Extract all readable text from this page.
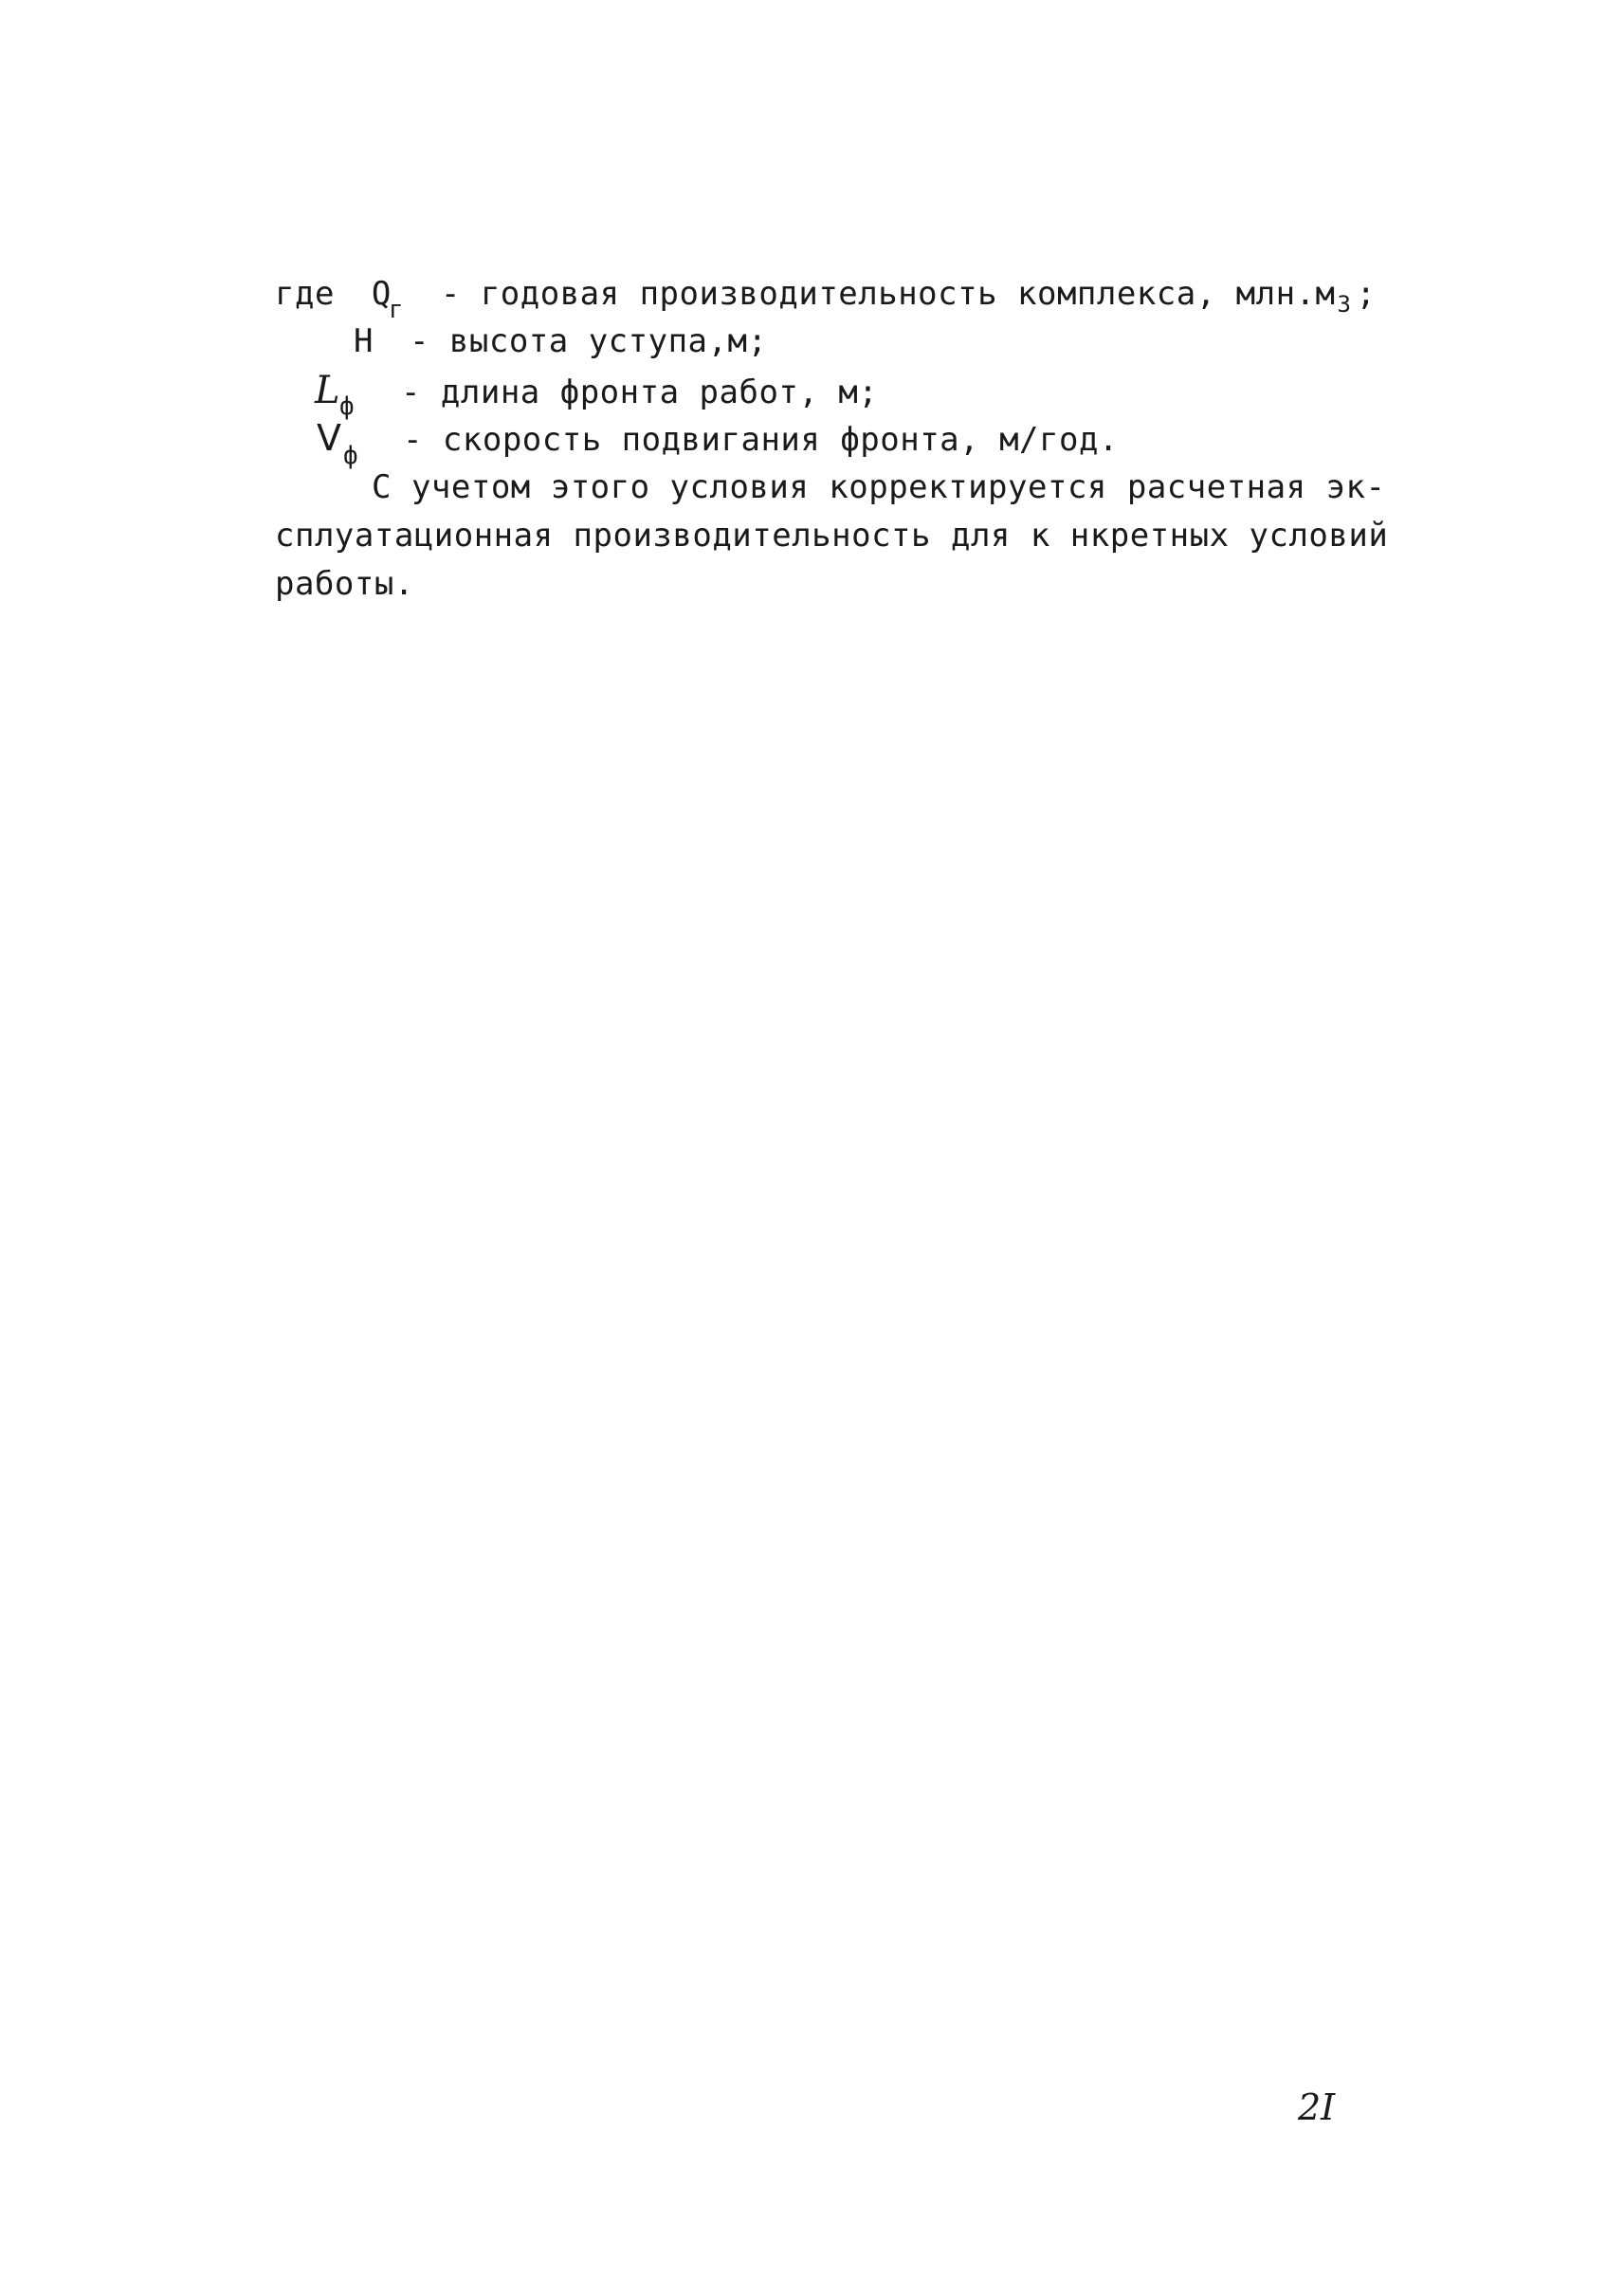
где Q
г - годовая производительность комплекса, млн.м 3 ;
Н - высота уступа,м;
L
ф - длина фронта работ, м;
V ф - скорость подвигания фронта, м/год.
С учетом этого условия корректируется расчетная эк-
сплуатационная производительность для к нкретных условий
работы.
2I
